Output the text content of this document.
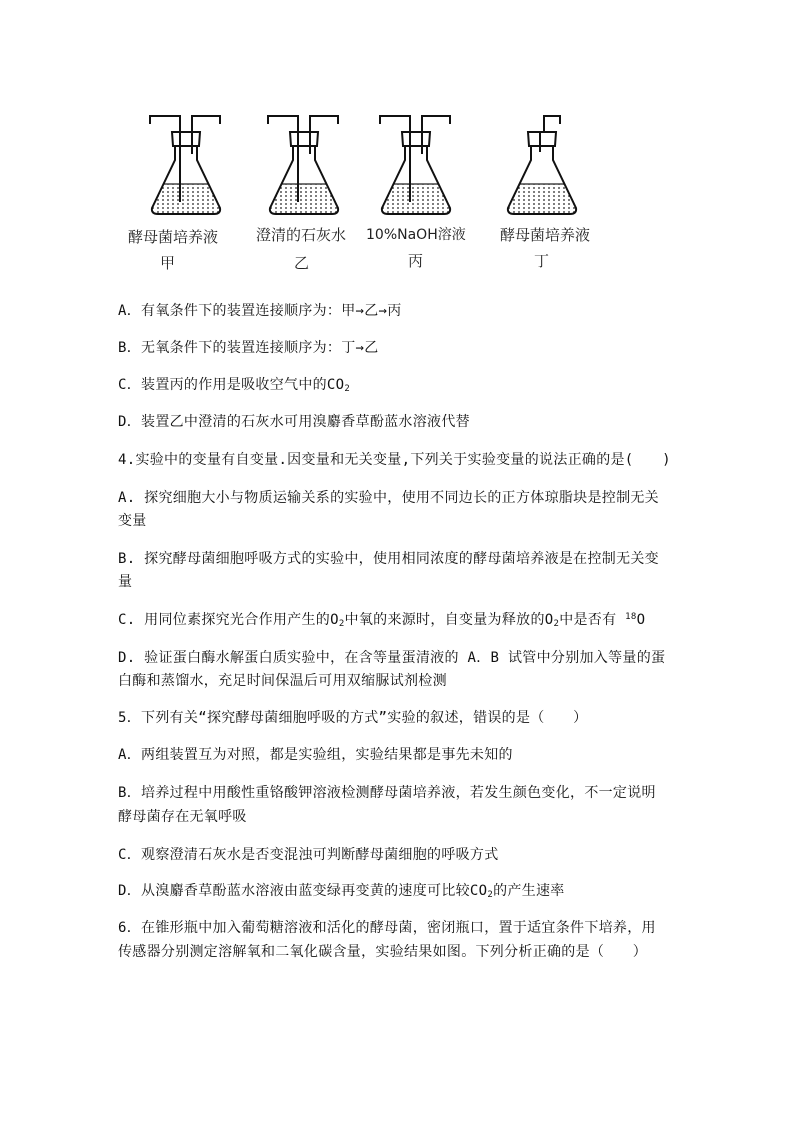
酵母菌培养液
甲
澄清的石灰水
乙
10%NaOH溶液
丙
酵母菌培养液
丁
A．有氧条件下的装置连接顺序为：甲→乙→丙
B．无氧条件下的装置连接顺序为：丁→乙
C．装置丙的作用是吸收空气中的$CO_2$
D．装置乙中澄清的石灰水可用溴麝香草酚蓝水溶液代替
4.实验中的变量有自变量.因变量和无关变量,下列关于实验变量的说法正确的是(　　)
A. 探究细胞大小与物质运输关系的实验中，使用不同边长的正方体琼脂块是控制无关
变量
B. 探究酵母菌细胞呼吸方式的实验中，使用相同浓度的酵母菌培养液是在控制无关变
量
C. 用同位素探究光合作用产生的$O_2$中氧的来源时，自变量为释放的$O_2$中是否有 $^{18}$O
D. 验证蛋白酶水解蛋白质实验中，在含等量蛋清液的 A．B 试管中分别加入等量的蛋
白酶和蒸馏水，充足时间保温后可用双缩脲试剂检测
5．下列有关“探究酵母菌细胞呼吸的方式”实验的叙述，错误的是（　　）
A．两组装置互为对照，都是实验组，实验结果都是事先未知的
B．培养过程中用酸性重铬酸钾溶液检测酵母菌培养液，若发生颜色变化，不一定说明
酵母菌存在无氧呼吸
C．观察澄清石灰水是否变混浊可判断酵母菌细胞的呼吸方式
D．从溴麝香草酚蓝水溶液由蓝变绿再变黄的速度可比较$CO_2$的产生速率
6．在锥形瓶中加入葡萄糖溶液和活化的酵母菌，密闭瓶口，置于适宜条件下培养，用
传感器分别测定溶解氧和二氧化碳含量，实验结果如图。下列分析正确的是（　　）
